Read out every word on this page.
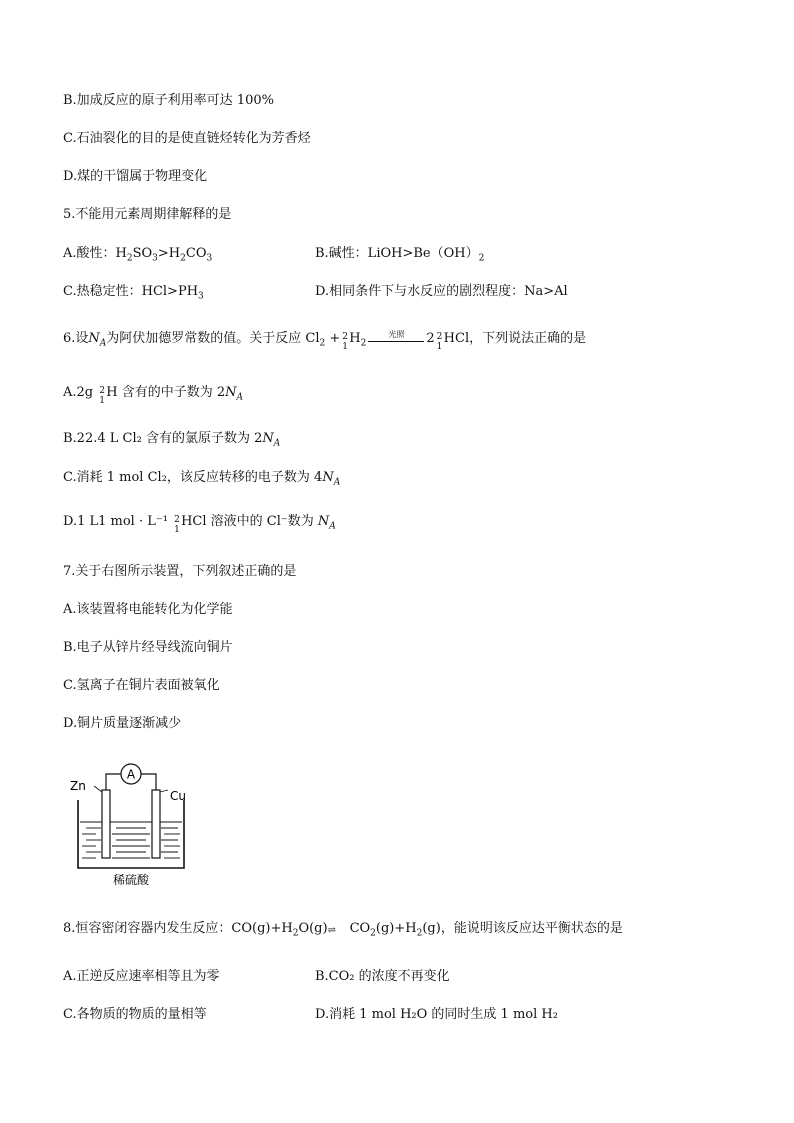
B.加成反应的原子利用率可达 100%
C.石油裂化的目的是使直链烃转化为芳香烃
D.煤的干馏属于物理变化
5.不能用元素周期律解释的是
A.酸性：$H_2SO_3>H_2CO_3$	B.碱性：$LiOH>Be(OH)_2$
C.热稳定性：$HCl>PH_3$	D.相同条件下与水反应的剧烈程度：Na>Al
6.设$N_A$为阿伏加德罗常数的值。关于反应 $Cl_2 + 2$
1
$H_2$
光照	2 2
1
HCl，下列说法正确的是
A.2g 2
1
H 含有的中子数为 $2N_A$
B.22.4 L Cl₂ 含有的氯原子数为 $2N_A$
C.消耗 1 mol Cl₂，该反应转移的电子数为 $4N_A$
D.1 L1 mol · L⁻¹ 2
1
HCl 溶液中的 Cl⁻数为 $N_A$
7.关于右图所示装置，下列叙述正确的是
A.该装置将电能转化为化学能
B.电子从锌片经导线流向铜片
C.氢离子在铜片表面被氧化
D.铜片质量逐渐减少
A
Zn
Cu
稀硫酸
8.恒容密闭容器内发生反应：$CO(g)+H_2O(g)\rightleftharpoons$ $CO_2(g)+H_2(g)$，能说明该反应达平衡状态的是
A.正逆反应速率相等且为零	B.CO₂ 的浓度不再变化
C.各物质的物质的量相等	D.消耗 1 mol H₂O 的同时生成 1 mol H₂
